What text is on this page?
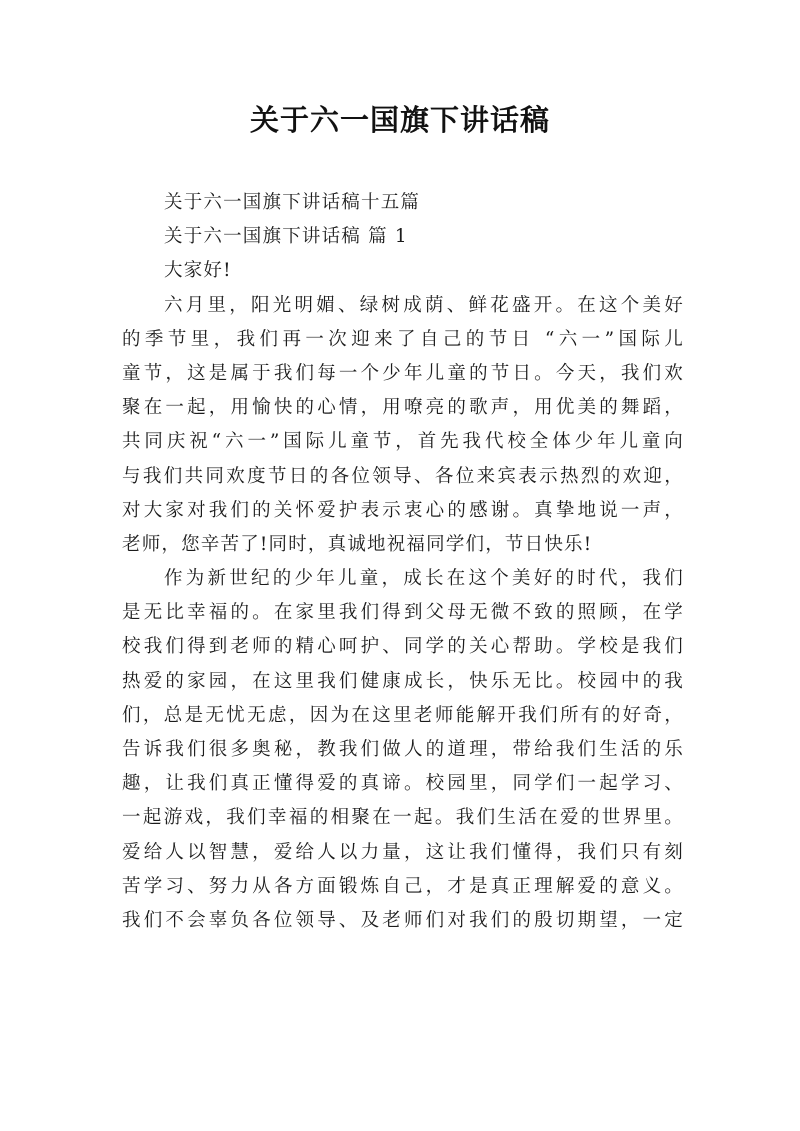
关于六一国旗下讲话稿
关于六一国旗下讲话稿十五篇
关于六一国旗下讲话稿 篇 1
大家好!
六月里，阳光明媚、绿树成荫、鲜花盛开。在这个美好
的季节里，我们再一次迎来了自己的节日 “六一”国际儿
童节，这是属于我们每一个少年儿童的节日。今天，我们欢
聚在一起，用愉快的心情，用嘹亮的歌声，用优美的舞蹈，
共同庆祝“六一”国际儿童节，首先我代校全体少年儿童向
与我们共同欢度节日的各位领导、各位来宾表示热烈的欢迎，
对大家对我们的关怀爱护表示衷心的感谢。真挚地说一声，
老师，您辛苦了!同时，真诚地祝福同学们，节日快乐!
作为新世纪的少年儿童，成长在这个美好的时代，我们
是无比幸福的。在家里我们得到父母无微不致的照顾，在学
校我们得到老师的精心呵护、同学的关心帮助。学校是我们
热爱的家园，在这里我们健康成长，快乐无比。校园中的我
们，总是无忧无虑，因为在这里老师能解开我们所有的好奇，
告诉我们很多奥秘，教我们做人的道理，带给我们生活的乐
趣，让我们真正懂得爱的真谛。校园里，同学们一起学习、
一起游戏，我们幸福的相聚在一起。我们生活在爱的世界里。
爱给人以智慧，爱给人以力量，这让我们懂得，我们只有刻
苦学习、努力从各方面锻炼自己，才是真正理解爱的意义。
我们不会辜负各位领导、及老师们对我们的殷切期望，一定
